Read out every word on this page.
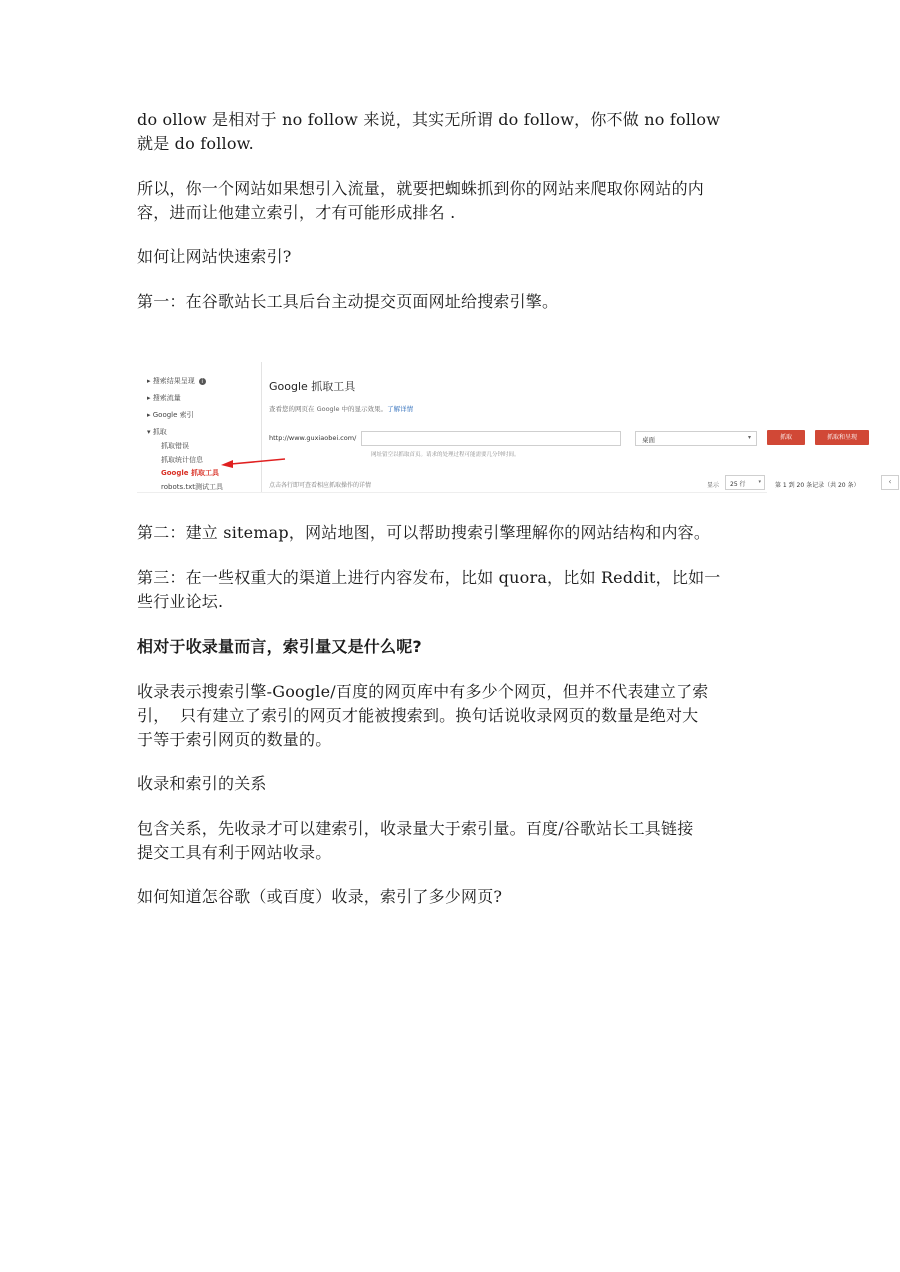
do ollow 是相对于 no follow 来说，其实无所谓 do follow，你不做 no follow

就是 do follow.

所以，你一个网站如果想引入流量，就要把蜘蛛抓到你的网站来爬取你网站的内

容，进而让他建立索引，才有可能形成排名 .

如何让网站快速索引?

第一：在谷歌站长工具后台主动提交页面网址给搜索引擎。

第二：建立 sitemap，网站地图，可以帮助搜索引擎理解你的网站结构和内容。

第三：在一些权重大的渠道上进行内容发布，比如 quora，比如 Reddit，比如一

些行业论坛.

相对于收录量而言，索引量又是什么呢?

收录表示搜索引擎-Google/百度的网页库中有多少个网页，但并不代表建立了索

引，  只有建立了索引的网页才能被搜索到。换句话说收录网页的数量是绝对大

于等于索引网页的数量的。

收录和索引的关系

包含关系，先收录才可以建索引，收录量大于索引量。百度/谷歌站长工具链接

提交工具有利于网站收录。

如何知道怎谷歌（或百度）收录，索引了多少网页?

▸ 搜索结果呈现 i
▸ 搜索流量
▸ Google 索引
▾ 抓取
抓取错误
抓取统计信息
Google 抓取工具
robots.txt测试工具
Google 抓取工具
查看您的网页在 Google 中的显示效果。了解详情
http://www.guxiaobei.com/
网址留空以抓取首页。请求的处理过程可能需要几分钟时间。
桌面	▾	抓取	抓取和呈现
点击各行即可查看相应抓取操作的详情	显示 25 行	▾ 第 1 到 20 条记录（共 20 条）	‹
